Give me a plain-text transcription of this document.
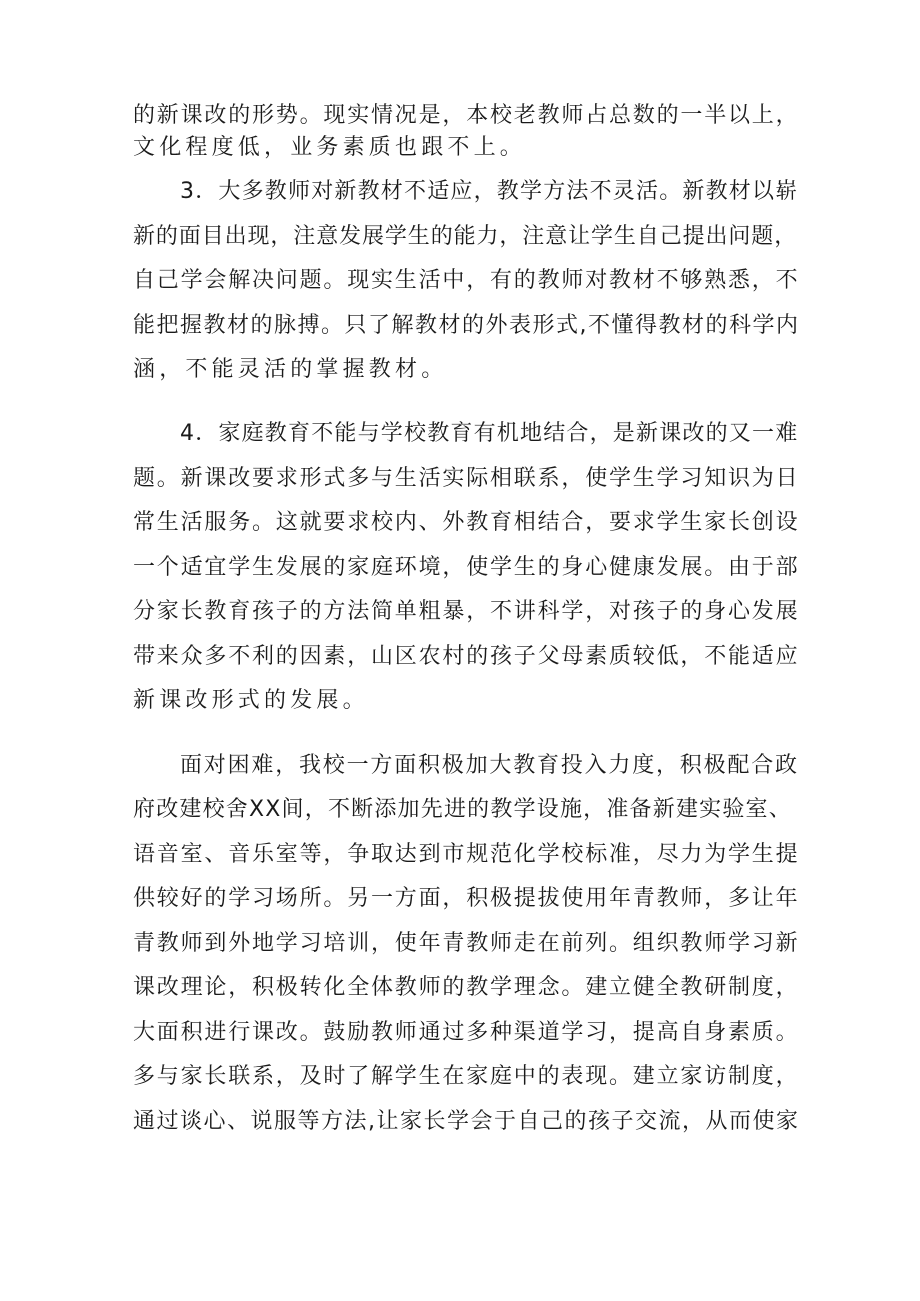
的新课改的形势。现实情况是，本校老教师占总数的一半以上，
文化程度低，业务素质也跟不上。
3．大多教师对新教材不适应，教学方法不灵活。新教材以崭
新的面目出现，注意发展学生的能力，注意让学生自己提出问题，
自己学会解决问题。现实生活中，有的教师对教材不够熟悉，不
能把握教材的脉搏。只了解教材的外表形式,不懂得教材的科学内
涵，不能灵活的掌握教材。
4．家庭教育不能与学校教育有机地结合，是新课改的又一难
题。新课改要求形式多与生活实际相联系，使学生学习知识为日
常生活服务。这就要求校内、外教育相结合，要求学生家长创设
一个适宜学生发展的家庭环境，使学生的身心健康发展。由于部
分家长教育孩子的方法简单粗暴，不讲科学，对孩子的身心发展
带来众多不利的因素，山区农村的孩子父母素质较低，不能适应
新课改形式的发展。
面对困难，我校一方面积极加大教育投入力度，积极配合政
府改建校舍XX间，不断添加先进的教学设施，准备新建实验室、
语音室、音乐室等，争取达到市规范化学校标准，尽力为学生提
供较好的学习场所。另一方面，积极提拔使用年青教师，多让年
青教师到外地学习培训，使年青教师走在前列。组织教师学习新
课改理论，积极转化全体教师的教学理念。建立健全教研制度，
大面积进行课改。鼓励教师通过多种渠道学习，提高自身素质。
多与家长联系，及时了解学生在家庭中的表现。建立家访制度，
通过谈心、说服等方法,让家长学会于自己的孩子交流，从而使家
